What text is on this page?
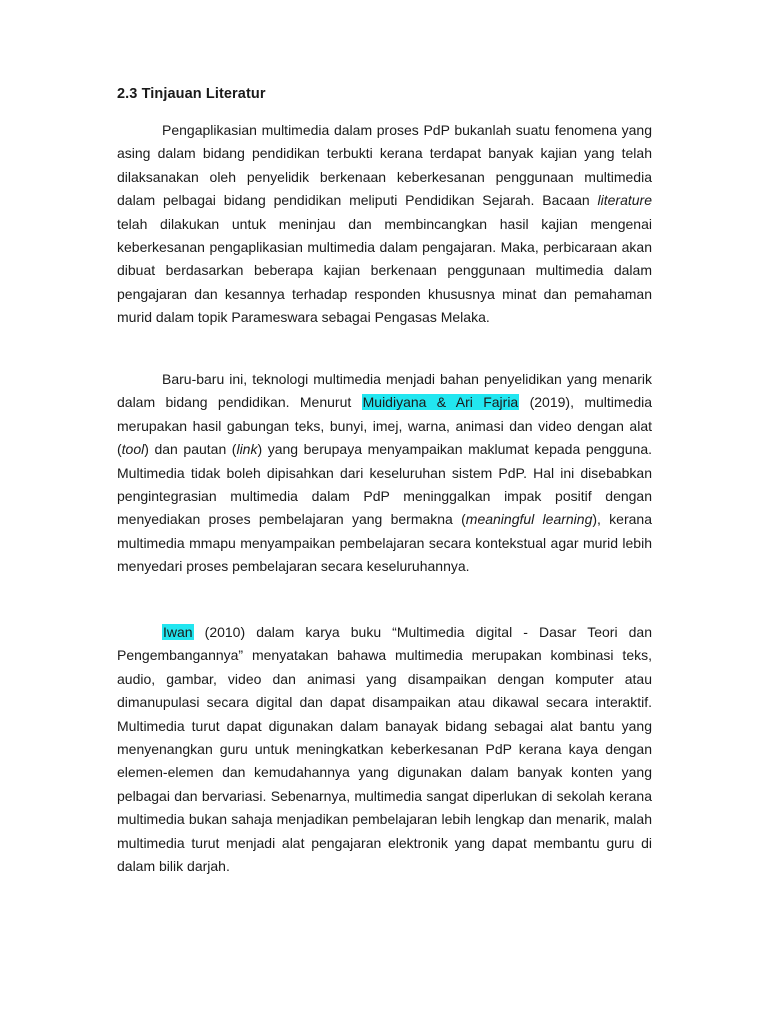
2.3 Tinjauan Literatur
Pengaplikasian multimedia dalam proses PdP bukanlah suatu fenomena yang
asing dalam bidang pendidikan terbukti kerana terdapat banyak kajian yang telah
dilaksanakan oleh penyelidik berkenaan keberkesanan penggunaan multimedia
dalam pelbagai bidang pendidikan meliputi Pendidikan Sejarah. Bacaan literature
telah dilakukan untuk meninjau dan membincangkan hasil kajian mengenai
keberkesanan pengaplikasian multimedia dalam pengajaran. Maka, perbicaraan akan
dibuat berdasarkan beberapa kajian berkenaan penggunaan multimedia dalam
pengajaran dan kesannya terhadap responden khususnya minat dan pemahaman
murid dalam topik Parameswara sebagai Pengasas Melaka.
Baru-baru ini, teknologi multimedia menjadi bahan penyelidikan yang menarik
dalam bidang pendidikan. Menurut Muidiyana & Ari Fajria (2019), multimedia
merupakan hasil gabungan teks, bunyi, imej, warna, animasi dan video dengan alat
(tool) dan pautan (link) yang berupaya menyampaikan maklumat kepada pengguna.
Multimedia tidak boleh dipisahkan dari keseluruhan sistem PdP. Hal ini disebabkan
pengintegrasian multimedia dalam PdP meninggalkan impak positif dengan
menyediakan proses pembelajaran yang bermakna (meaningful learning), kerana
multimedia mmapu menyampaikan pembelajaran secara kontekstual agar murid lebih
menyedari proses pembelajaran secara keseluruhannya.
Iwan (2010) dalam karya buku “Multimedia digital - Dasar Teori dan
Pengembangannya” menyatakan bahawa multimedia merupakan kombinasi teks,
audio, gambar, video dan animasi yang disampaikan dengan komputer atau
dimanupulasi secara digital dan dapat disampaikan atau dikawal secara interaktif.
Multimedia turut dapat digunakan dalam banayak bidang sebagai alat bantu yang
menyenangkan guru untuk meningkatkan keberkesanan PdP kerana kaya dengan
elemen-elemen dan kemudahannya yang digunakan dalam banyak konten yang
pelbagai dan bervariasi. Sebenarnya, multimedia sangat diperlukan di sekolah kerana
multimedia bukan sahaja menjadikan pembelajaran lebih lengkap dan menarik, malah
multimedia turut menjadi alat pengajaran elektronik yang dapat membantu guru di
dalam bilik darjah.
